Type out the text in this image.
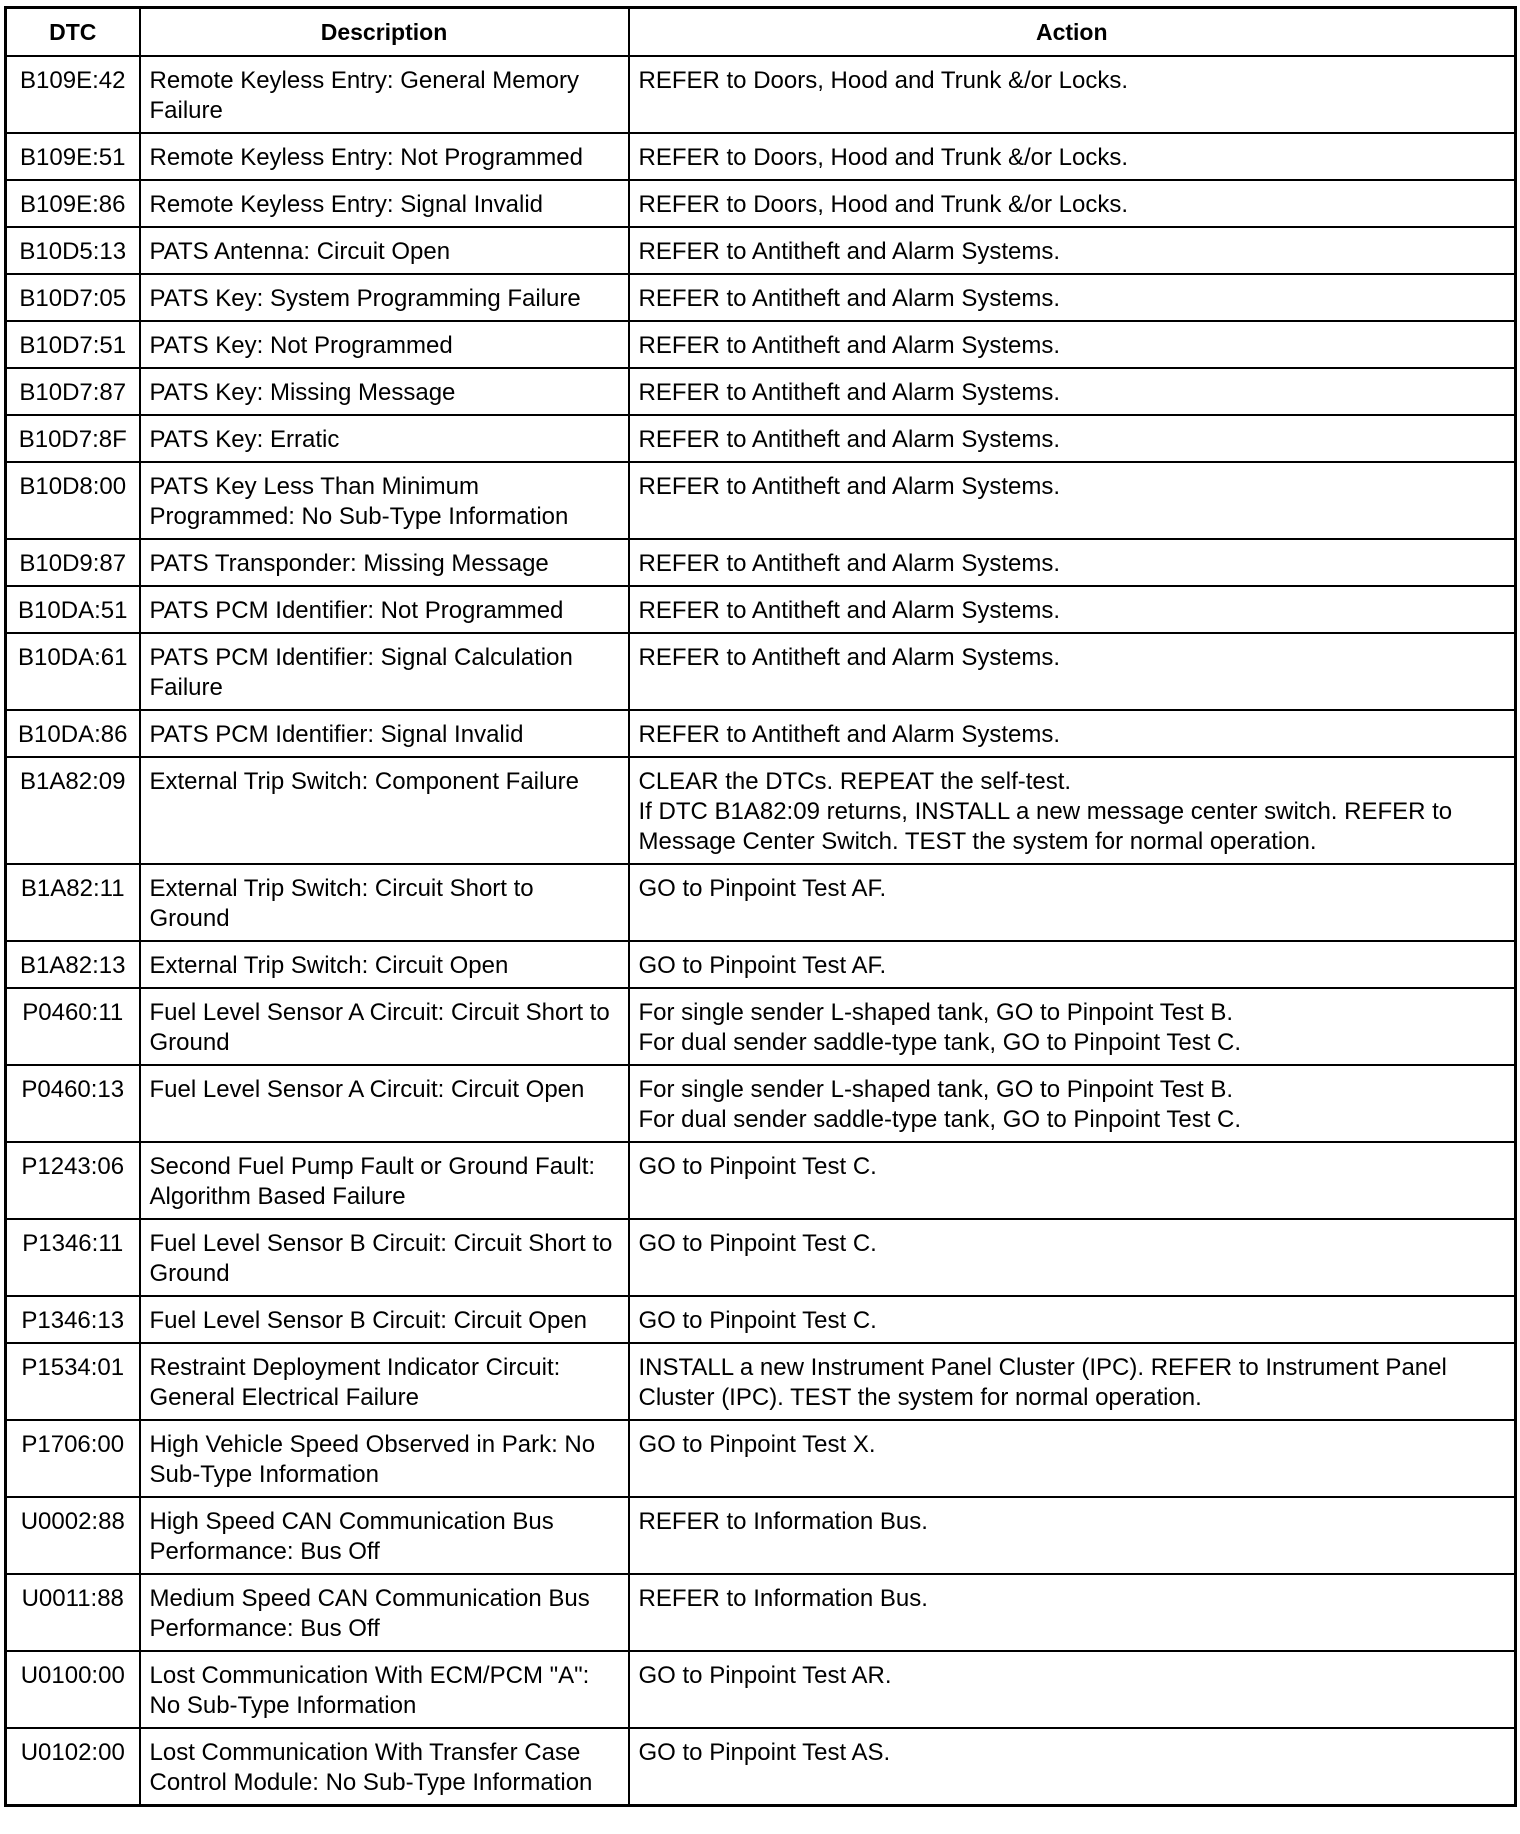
DTC	Description	Action
B109E:42	Remote Keyless Entry: General Memory Failure	REFER to Doors, Hood and Trunk &/or Locks.

B109E:51	Remote Keyless Entry: Not Programmed	REFER to Doors, Hood and Trunk &/or Locks.

B109E:86	Remote Keyless Entry: Signal Invalid	REFER to Doors, Hood and Trunk &/or Locks.

B10D5:13	PATS Antenna: Circuit Open	REFER to Antitheft and Alarm Systems.

B10D7:05	PATS Key: System Programming Failure	REFER to Antitheft and Alarm Systems.

B10D7:51	PATS Key: Not Programmed	REFER to Antitheft and Alarm Systems.

B10D7:87	PATS Key: Missing Message	REFER to Antitheft and Alarm Systems.

B10D7:8F	PATS Key: Erratic	REFER to Antitheft and Alarm Systems.

B10D8:00	PATS Key Less Than Minimum Programmed: No Sub-Type Information	REFER to Antitheft and Alarm Systems.

B10D9:87	PATS Transponder: Missing Message	REFER to Antitheft and Alarm Systems.

B10DA:51	PATS PCM Identifier: Not Programmed	REFER to Antitheft and Alarm Systems.

B10DA:61	PATS PCM Identifier: Signal Calculation Failure	REFER to Antitheft and Alarm Systems.

B10DA:86	PATS PCM Identifier: Signal Invalid	REFER to Antitheft and Alarm Systems.

B1A82:09	External Trip Switch: Component Failure	CLEAR the DTCs. REPEAT the self-test.
If DTC B1A82:09 returns, INSTALL a new message center switch. REFER to Message Center Switch. TEST the system for normal operation.

B1A82:11	External Trip Switch: Circuit Short to Ground	GO to Pinpoint Test AF.

B1A82:13	External Trip Switch: Circuit Open	GO to Pinpoint Test AF.

P0460:11	Fuel Level Sensor A Circuit: Circuit Short to Ground	For single sender L-shaped tank, GO to Pinpoint Test B.
For dual sender saddle-type tank, GO to Pinpoint Test C.

P0460:13	Fuel Level Sensor A Circuit: Circuit Open	For single sender L-shaped tank, GO to Pinpoint Test B.
For dual sender saddle-type tank, GO to Pinpoint Test C.

P1243:06	Second Fuel Pump Fault or Ground Fault: Algorithm Based Failure	GO to Pinpoint Test C.

P1346:11	Fuel Level Sensor B Circuit: Circuit Short to Ground	GO to Pinpoint Test C.

P1346:13	Fuel Level Sensor B Circuit: Circuit Open	GO to Pinpoint Test C.

P1534:01	Restraint Deployment Indicator Circuit: General Electrical Failure	INSTALL a new Instrument Panel Cluster (IPC). REFER to Instrument Panel Cluster (IPC). TEST the system for normal operation.

P1706:00	High Vehicle Speed Observed in Park: No Sub-Type Information	GO to Pinpoint Test X.

U0002:88	High Speed CAN Communication Bus Performance: Bus Off	REFER to Information Bus.

U0011:88	Medium Speed CAN Communication Bus Performance: Bus Off	REFER to Information Bus.

U0100:00	Lost Communication With ECM/PCM "A": No Sub-Type Information	GO to Pinpoint Test AR.

U0102:00	Lost Communication With Transfer Case Control Module: No Sub-Type Information	GO to Pinpoint Test AS.
